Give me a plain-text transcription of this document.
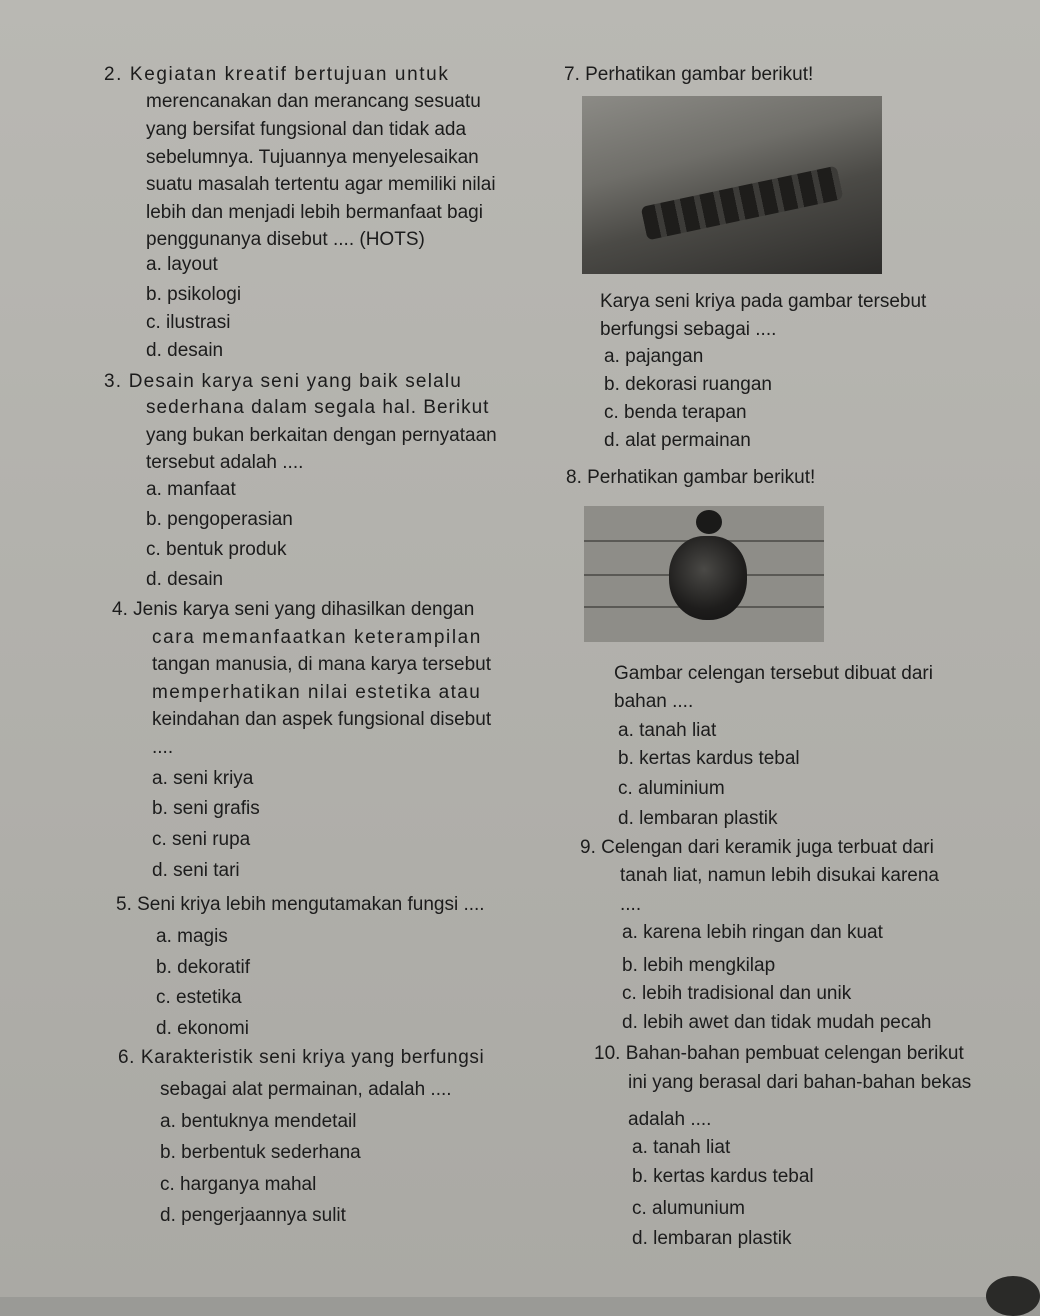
2. Kegiatan kreatif bertujuan untuk
merencanakan dan merancang sesuatu
yang bersifat fungsional dan tidak ada
sebelumnya. Tujuannya menyelesaikan
suatu masalah tertentu agar memiliki nilai
lebih dan menjadi lebih bermanfaat bagi
penggunanya disebut .... (HOTS)
a. layout
b. psikologi
c. ilustrasi
d. desain
3. Desain karya seni yang baik selalu
sederhana dalam segala hal. Berikut
yang bukan berkaitan dengan pernyataan
tersebut adalah ....
a. manfaat
b. pengoperasian
c. bentuk produk
d. desain
4. Jenis karya seni yang dihasilkan dengan
cara memanfaatkan keterampilan
tangan manusia, di mana karya tersebut
memperhatikan nilai estetika atau
keindahan dan aspek fungsional disebut
....
a. seni kriya
b. seni grafis
c. seni rupa
d. seni tari
5. Seni kriya lebih mengutamakan fungsi ....
a. magis
b. dekoratif
c. estetika
d. ekonomi
6. Karakteristik seni kriya yang berfungsi
sebagai alat permainan, adalah ....
a. bentuknya mendetail
b. berbentuk sederhana
c. harganya mahal
d. pengerjaannya sulit
7. Perhatikan gambar berikut!
Karya seni kriya pada gambar tersebut
berfungsi sebagai ....
a. pajangan
b. dekorasi ruangan
c. benda terapan
d. alat permainan
8. Perhatikan gambar berikut!
Gambar celengan tersebut dibuat dari
bahan ....
a. tanah liat
b. kertas kardus tebal
c. aluminium
d. lembaran plastik
9. Celengan dari keramik juga terbuat dari
tanah liat, namun lebih disukai karena
....
a. karena lebih ringan dan kuat
b. lebih mengkilap
c. lebih tradisional dan unik
d. lebih awet dan tidak mudah pecah
10. Bahan-bahan pembuat celengan berikut
ini yang berasal dari bahan-bahan bekas
adalah ....
a. tanah liat
b. kertas kardus tebal
c. alumunium
d. lembaran plastik
